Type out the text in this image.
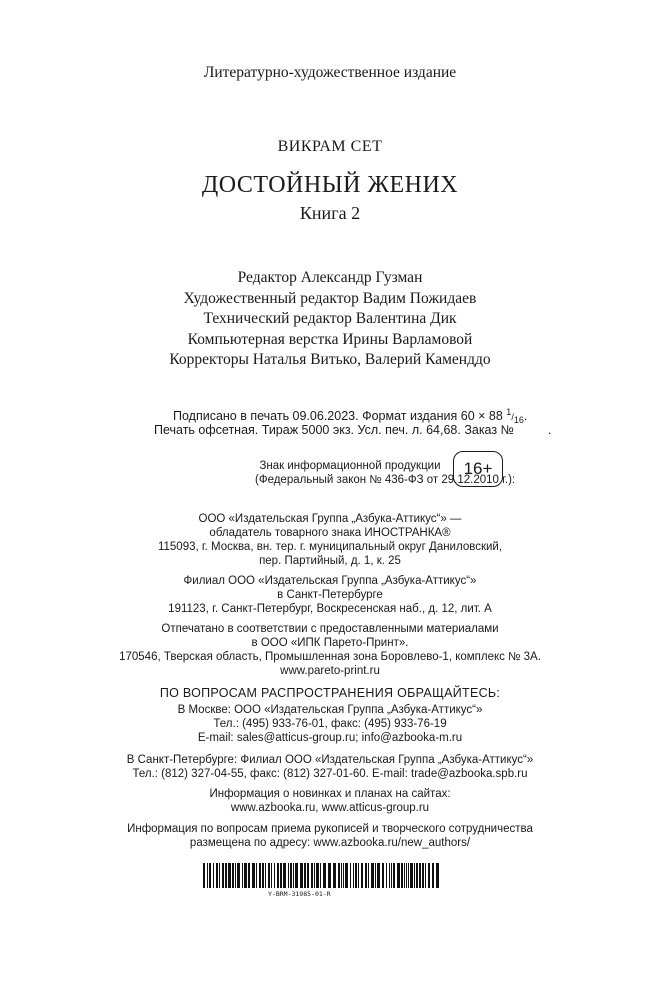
Литературно-художественное издание
ВИКРАМ СЕТ
ДОСТОЙНЫЙ ЖЕНИХ
Книга 2
Редактор Александр Гузман
Художественный редактор Вадим Пожидаев
Технический редактор Валентина Дик
Компьютерная верстка Ирины Варламовой
Корректоры Наталья Витько, Валерий Каменддо
Подписано в печать 09.06.2023. Формат издания 60 × 88 $^1/_{16}$.
Печать офсетная. Тираж 5000 экз. Усл. печ. л. 64,68. Заказ №	.
Знак информационной продукции
(Федеральный закон № 436-ФЗ от 29.12.2010 г.):
16+
ООО «Издательская Группа „Азбука-Аттикус“» —
обладатель товарного знака ИНОСТРАНКА®
115093, г. Москва, вн. тер. г. муниципальный округ Даниловский,
пер. Партийный, д. 1, к. 25
Филиал ООО «Издательская Группа „Азбука-Аттикус“»
в Санкт-Петербурге
191123, г. Санкт-Петербург, Воскресенская наб., д. 12, лит. А
Отпечатано в соответствии с предоставленными материалами
в ООО «ИПК Парето-Принт».
170546, Тверская область, Промышленная зона Боровлево-1, комплекс № 3А.
www.pareto-print.ru
ПО ВОПРОСАМ РАСПРОСТРАНЕНИЯ ОБРАЩАЙТЕСЬ:
В Москве: ООО «Издательская Группа „Азбука-Аттикус“»
Тел.: (495) 933-76-01, факс: (495) 933-76-19
E-mail: sales@atticus-group.ru; info@azbooka-m.ru
В Санкт-Петербурге: Филиал ООО «Издательская Группа „Азбука-Аттикус“»
Тел.: (812) 327-04-55, факс: (812) 327-01-60. E-mail: trade@azbooka.spb.ru
Информация о новинках и планах на сайтах:
www.azbooka.ru, www.atticus-group.ru
Информация по вопросам приема рукописей и творческого сотрудничества
размещена по адресу: www.azbooka.ru/new_authors/
Y-BRM-31985-01-R
